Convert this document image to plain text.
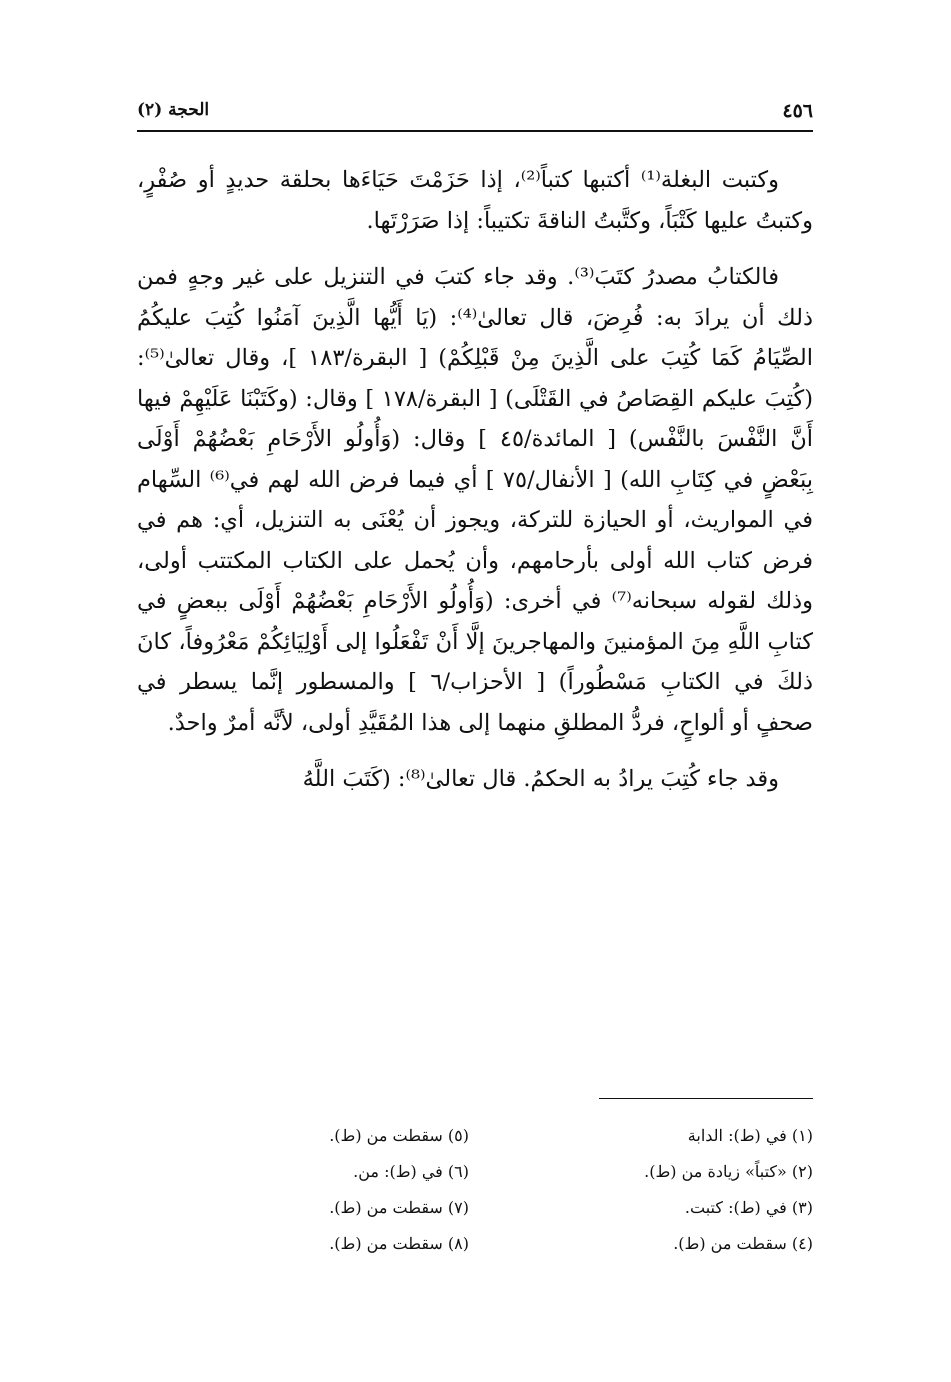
٤٥٦
الحجة (٢)

وكتبت البغلة⁽¹⁾ أكتبها كتباً⁽²⁾، إذا حَزَمْتَ حَيَاءَها بحلقة حديدٍ أو صُفْرٍ، وكتبتُ عليها كَتْبَاً، وكتَّبتُ الناقةَ تكتيباً: إذا صَرَرْتَها.

فالكتابُ مصدرُ كتَبَ⁽³⁾. وقد جاء كتبَ في التنزيل على غير وجهٍ فمن ذلك أن يرادَ به: فُرِضَ، قال تعالىٰ⁽⁴⁾: (يَا أَيُّها الَّذِينَ آمَنُوا كُتِبَ عليكُمُ الصِّيَامُ كَمَا كُتِبَ على الَّذِينَ مِنْ قَبْلِكُمْ) [ البقرة/١٨٣ ]، وقال تعالىٰ⁽⁵⁾: (كُتِبَ عليكم القِصَاصُ في القَتْلَى) [ البقرة/١٧٨ ] وقال: (وكَتَبْنَا عَلَيْهِمْ فيها أَنَّ النَّفْسَ بالنَّفْس) [ المائدة/٤٥ ] وقال: (وَأُولُو الأَرْحَامِ بَعْضُهُمْ أَوْلَى بِبَعْضٍ في كِتَابِ الله) [ الأنفال/٧٥ ] أي فيما فرض الله لهم في⁽⁶⁾ السِّهام في المواريث، أو الحيازة للتركة، ويجوز أن يُعْنَى به التنزيل، أي: هم في فرض كتاب الله أولى بأرحامهم، وأن يُحمل على الكتاب المكتتب أولى، وذلك لقوله سبحانه⁽⁷⁾ في أخرى: (وَأُولُو الأَرْحَامِ بَعْضُهُمْ أَوْلَى ببعضٍ في كتابِ اللَّهِ مِنَ المؤمنينَ والمهاجرينَ إلَّا أَنْ تَفْعَلُوا إلى أَوْلِيَائِكُمْ مَعْرُوفاً، كانَ ذلكَ في الكتابِ مَسْطُوراً) [ الأحزاب/٦ ] والمسطور إنَّما يسطر في صحفٍ أو ألواحٍ، فردُّ المطلقِ منهما إلى هذا المُقَيَّدِ أولى، لأنَّه أمرٌ واحدٌ.

وقد جاء كُتِبَ يرادُ به الحكمُ. قال تعالىٰ⁽⁸⁾: (كَتَبَ اللَّهُ

(١) في (ط): الدابة
(٢) «كتباً» زيادة من (ط).
(٣) في (ط): كتبت.
(٤) سقطت من (ط).
(٥) سقطت من (ط).
(٦) في (ط): من.
(٧) سقطت من (ط).
(٨) سقطت من (ط).
